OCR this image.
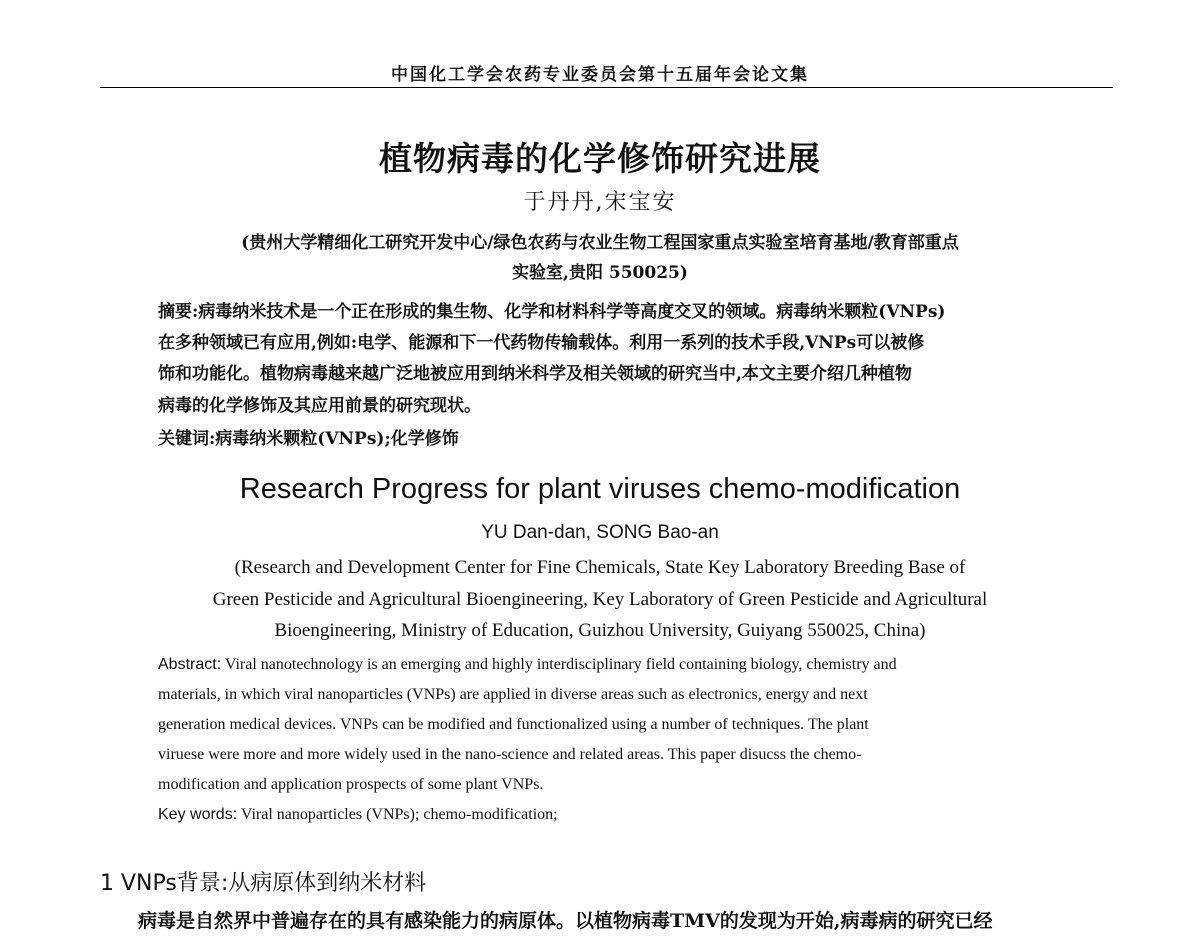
中国化工学会农药专业委员会第十五届年会论文集
植物病毒的化学修饰研究进展
于丹丹,宋宝安
(贵州大学精细化工研究开发中心/绿色农药与农业生物工程国家重点实验室培育基地/教育部重点
实验室,贵阳 550025)
摘要:病毒纳米技术是一个正在形成的集生物、化学和材料科学等高度交叉的领域。病毒纳米颗粒(VNPs)
在多种领域已有应用,例如:电学、能源和下一代药物传输载体。利用一系列的技术手段,VNPs可以被修
饰和功能化。植物病毒越来越广泛地被应用到纳米科学及相关领域的研究当中,本文主要介绍几种植物
病毒的化学修饰及其应用前景的研究现状。
关键词:病毒纳米颗粒(VNPs);化学修饰
Research Progress for plant viruses chemo-modification
YU Dan-dan, SONG Bao-an
(Research and Development Center for Fine Chemicals, State Key Laboratory Breeding Base of
Green Pesticide and Agricultural Bioengineering, Key Laboratory of Green Pesticide and Agricultural
Bioengineering, Ministry of Education, Guizhou University, Guiyang 550025, China)
Abstract: Viral nanotechnology is an emerging and highly interdisciplinary field containing biology, chemistry and
materials, in which viral nanoparticles (VNPs) are applied in diverse areas such as electronics, energy and next
generation medical devices. VNPs can be modified and functionalized using a number of techniques. The plant
viruese were more and more widely used in the nano-science and related areas. This paper disucss the chemo-
modification and application prospects of some plant VNPs.
Key words: Viral nanoparticles (VNPs); chemo-modification;
1 VNPs背景:从病原体到纳米材料
病毒是自然界中普遍存在的具有感染能力的病原体。以植物病毒TMV的发现为开始,病毒病的研究已经
